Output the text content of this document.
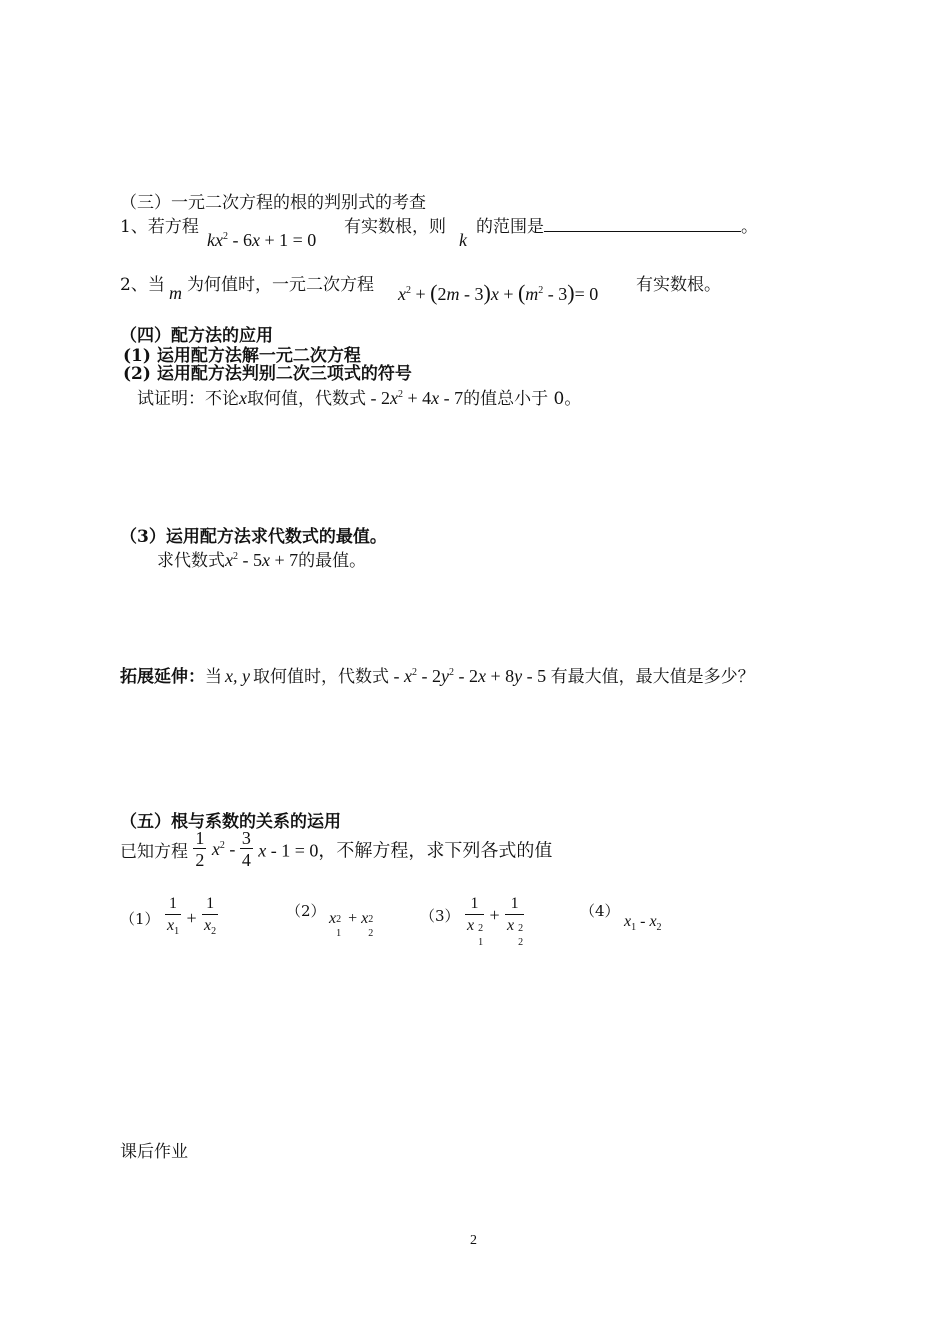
（三）一元二次方程的根的判别式的考查
1、若方程
$kx^2 - 6x + 1 = 0$
有实数根，则
k
的范围是	。
2、当 m 为何值时，一元二次方程 $x^2 + (2m - 3)x + (m^2 - 3)= 0$ 有实数根。
（四）配方法的应用
(1) 运用配方法解一元二次方程
(2) 运用配方法判别二次三项式的符号
试证明：不论x取何值，代数式 - $2x^2 + 4x - 7$的值总小于 0。
（3）运用配方法求代数式的最值。
求代数式$x^2 - 5x + 7$的最值。
拓展延伸：当 x, y 取何值时，代数式 - $x^2 - 2y^2 - 2x + 8y - 5$ 有最大值，最大值是多少？
（五）根与系数的关系的运用
已知方程 $\frac{1}{2} x^2 - \frac{3}{4}$ x - 1 = 0，不解方程，求下列各式的值
$(1) \frac{1}{x_1} + \frac{1}{x_2}$	（2） x 2
1
+ x 2
2
（3） 1
x 2
1 + 1
x 2
2	（4）
$x_1 - x_2$
课后作业
2
